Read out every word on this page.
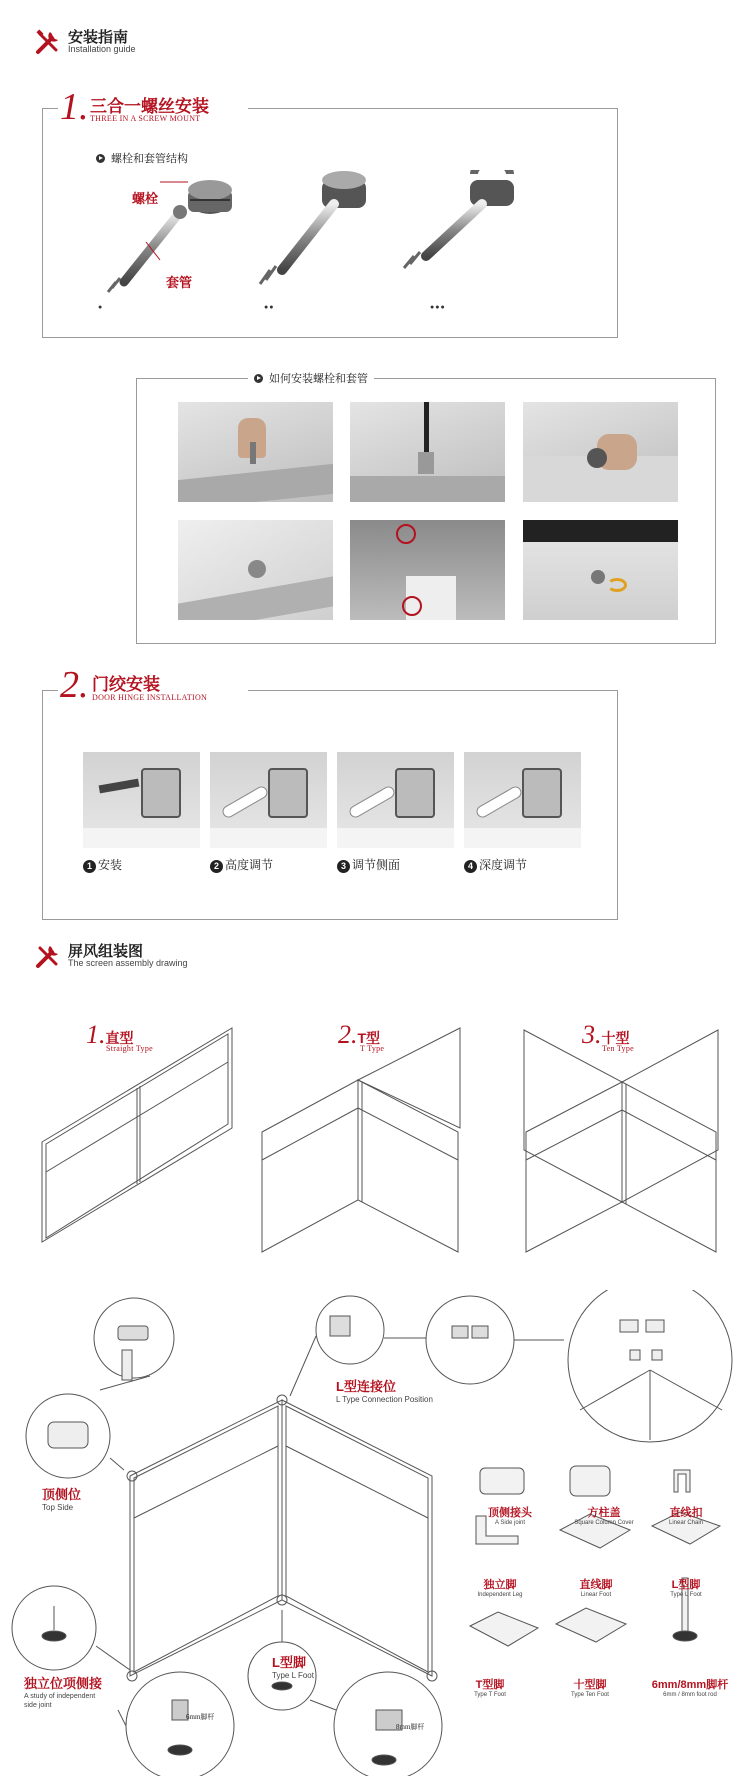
安装指南
Installation guide
1. 三合一螺丝安装
THREE IN A SCREW MOUNT
螺栓和套管结构
螺栓
套管
●	●●	●●●
如何安装螺栓和套管
2. 门绞安装
DOOR HINGE INSTALLATION
1 安装	2 高度调节	3 调节侧面	4 深度调节
屏风组装图
The screen assembly drawing
1.直型
Straight Type	2.T型
T Type	3.十型
Ten Type
L型连接位
L Type Connection Position
顶侧位
Top Side
L型脚
Type L Foot
独立位项侧接
A study of independent side joint
6mm脚杆
8mm脚杆
顶侧接头
A Side joint
方柱盖
Square Column Cover
直线扣
Linear Chain
独立脚
Independent Leg
直线脚
Linear Foot
L型脚
Type L Foot
T型脚
Type T Foot
十型脚
Type Ten Foot
6mm/8mm脚杆
6mm / 8mm foot rod
